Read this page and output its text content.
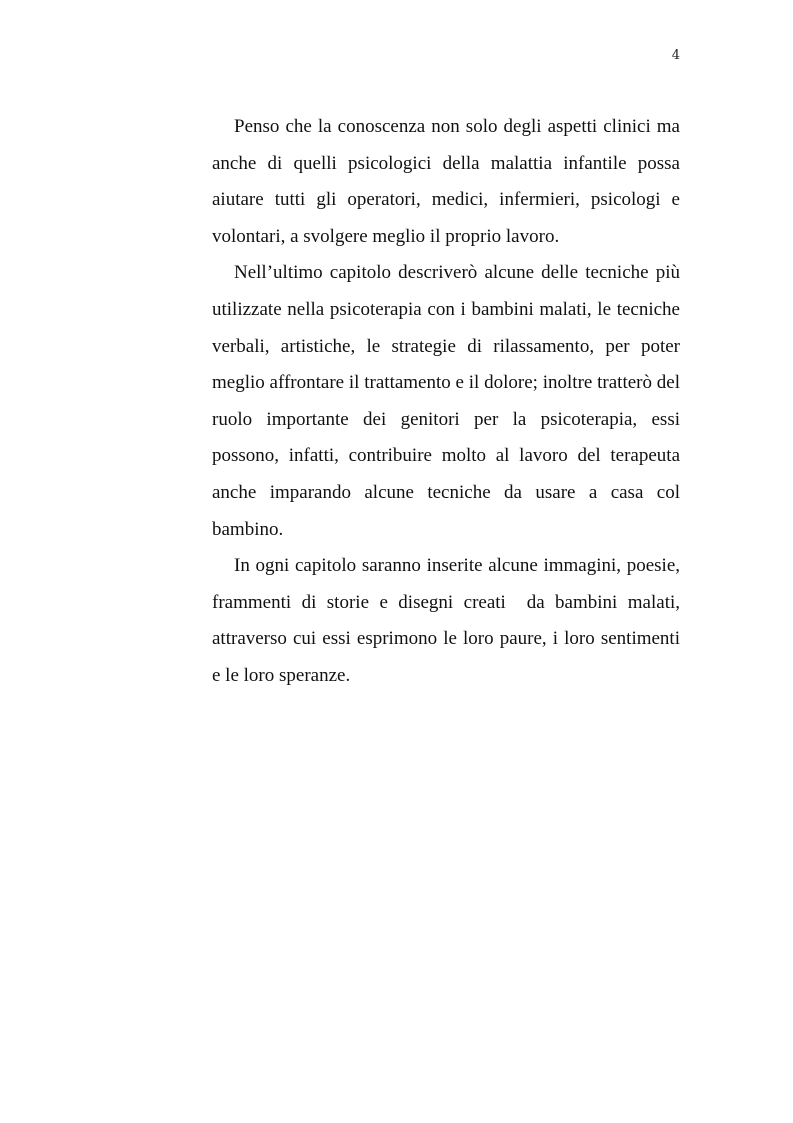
4

Penso che la conoscenza non solo degli aspetti clinici ma anche di quelli psicologici della malattia infantile possa aiutare tutti gli operatori, medici, infermieri, psicologi e volontari, a svolgere meglio il proprio lavoro.

Nell’ultimo capitolo descriverò alcune delle tecniche più utilizzate nella psicoterapia con i bambini malati, le tecniche verbali, artistiche, le strategie di rilassamento, per poter meglio affrontare il trattamento e il dolore; inoltre tratterò del ruolo importante dei genitori per la psicoterapia, essi possono, infatti, contribuire molto al lavoro del terapeuta   anche imparando alcune tecniche da usare a casa col bambino.

In ogni capitolo saranno inserite alcune immagini, poesie, frammenti di storie e disegni creati  da bambini malati, attraverso cui essi esprimono le loro paure, i loro sentimenti e le loro speranze.
